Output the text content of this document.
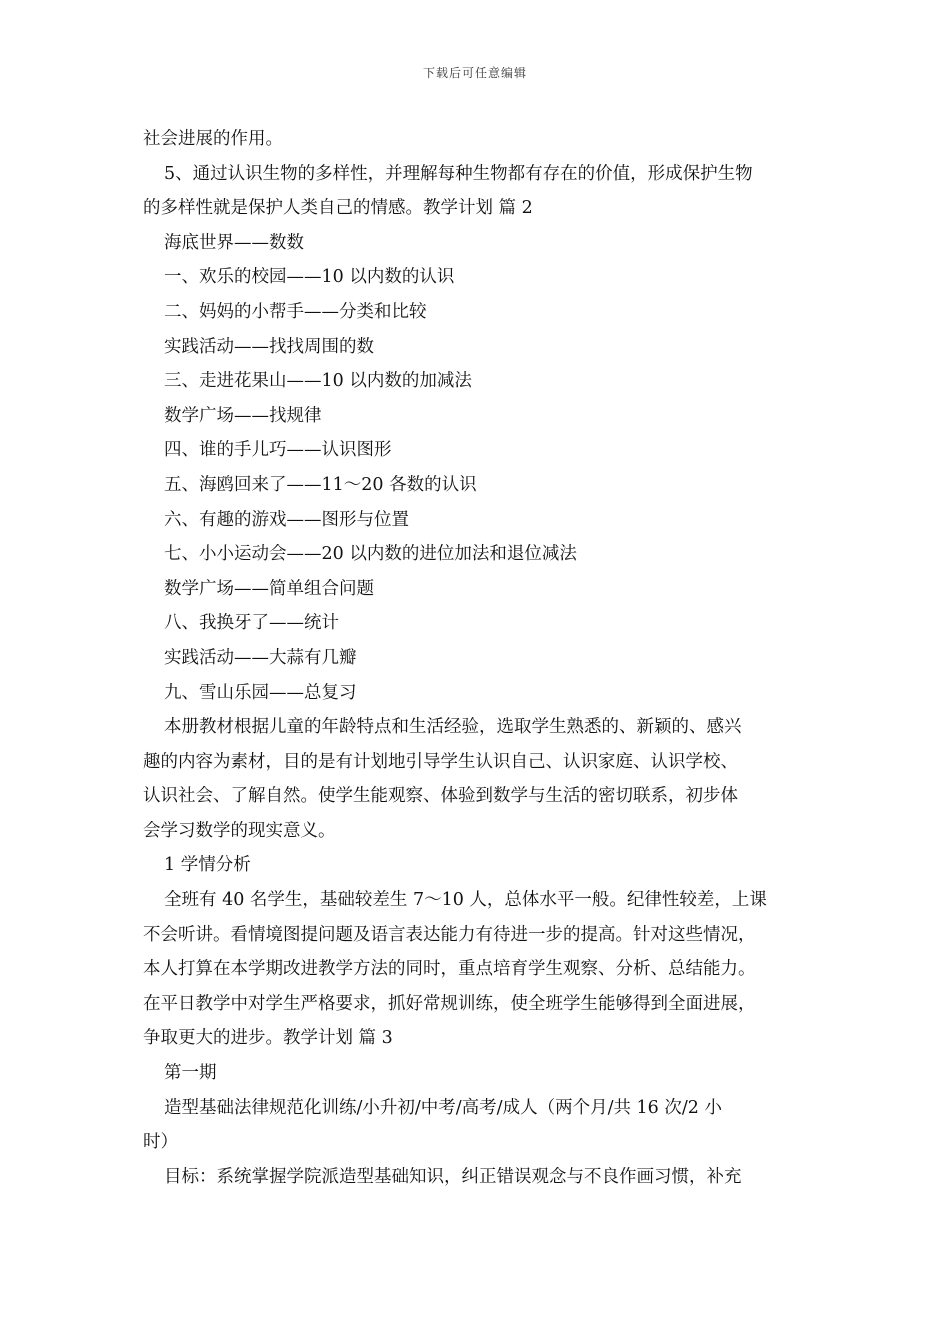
下载后可任意编辑
社会进展的作用。
5、通过认识生物的多样性，并理解每种生物都有存在的价值，形成保护生物
的多样性就是保护人类自己的情感。教学计划 篇 2
海底世界——数数
一、欢乐的校园——10 以内数的认识
二、妈妈的小帮手——分类和比较
实践活动——找找周围的数
三、走进花果山——10 以内数的加减法
数学广场——找规律
四、谁的手儿巧——认识图形
五、海鸥回来了——11～20 各数的认识
六、有趣的游戏——图形与位置
七、小小运动会——20 以内数的进位加法和退位减法
数学广场——简单组合问题
八、我换牙了——统计
实践活动——大蒜有几瓣
九、雪山乐园——总复习
本册教材根据儿童的年龄特点和生活经验，选取学生熟悉的、新颖的、感兴
趣的内容为素材，目的是有计划地引导学生认识自己、认识家庭、认识学校、
认识社会、了解自然。使学生能观察、体验到数学与生活的密切联系，初步体
会学习数学的现实意义。
1 学情分析
全班有 40 名学生，基础较差生 7～10 人，总体水平一般。纪律性较差，上课
不会听讲。看情境图提问题及语言表达能力有待进一步的提高。针对这些情况，
本人打算在本学期改进教学方法的同时，重点培育学生观察、分析、总结能力。
在平日教学中对学生严格要求，抓好常规训练，使全班学生能够得到全面进展，
争取更大的进步。教学计划 篇 3
第一期
造型基础法律规范化训练/小升初/中考/高考/成人（两个月/共 16 次/2 小
时）
目标：系统掌握学院派造型基础知识，纠正错误观念与不良作画习惯，补充
